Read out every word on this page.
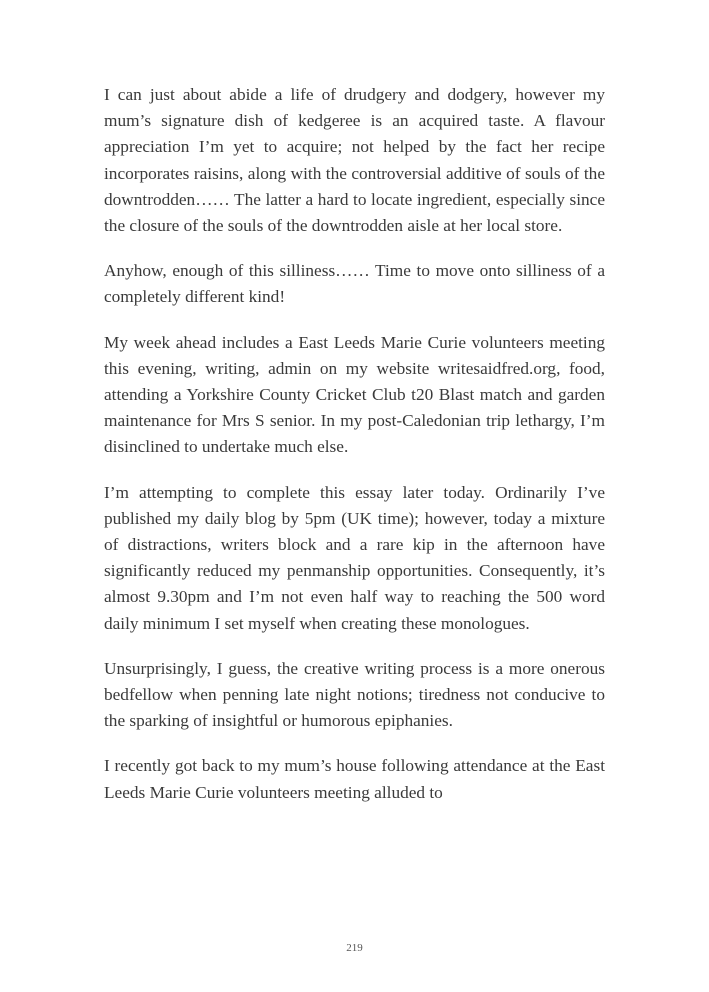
I can just about abide a life of drudgery and dodgery, however my mum’s signature dish of kedgeree is an acquired taste. A flavour appreciation I’m yet to acquire; not helped by the fact her recipe incorporates raisins, along with the controversial additive of souls of the downtrodden…… The latter a hard to locate ingredient, especially since the closure of the souls of the downtrodden aisle at her local store.

Anyhow, enough of this silliness…… Time to move onto silliness of a completely different kind!

My week ahead includes a East Leeds Marie Curie volunteers meeting this evening, writing, admin on my website writesaidfred.org, food, attending a Yorkshire County Cricket Club t20 Blast match and garden maintenance for Mrs S senior. In my post-Caledonian trip lethargy, I’m disinclined to undertake much else.

I’m attempting to complete this essay later today. Ordinarily I’ve published my daily blog by 5pm (UK time); however, today a mixture of distractions, writers block and a rare kip in the afternoon have significantly reduced my penmanship opportunities. Consequently, it’s almost 9.30pm and I’m not even half way to reaching the 500 word daily minimum I set myself when creating these monologues.

Unsurprisingly, I guess, the creative writing process is a more onerous bedfellow when penning late night notions; tiredness not conducive to the sparking of insightful or humorous epiphanies.

I recently got back to my mum’s house following attendance at the East Leeds Marie Curie volunteers meeting alluded to

219
